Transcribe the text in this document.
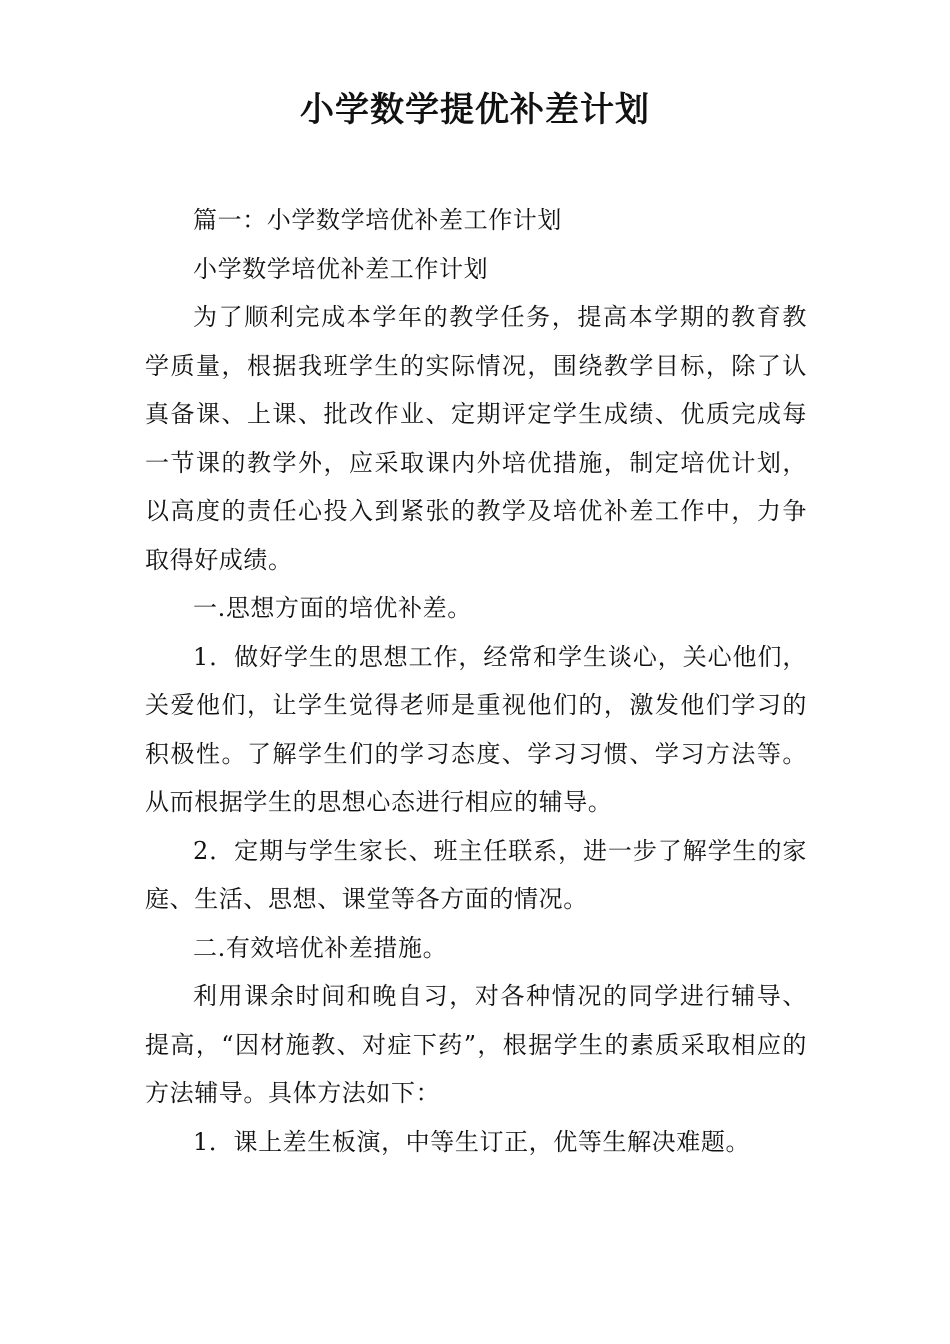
小学数学提优补差计划

篇一：小学数学培优补差工作计划

小学数学培优补差工作计划

为了顺利完成本学年的教学任务，提高本学期的教育教学质量，根据我班学生的实际情况，围绕教学目标，除了认真备课、上课、批改作业、定期评定学生成绩、优质完成每一节课的教学外，应采取课内外培优措施，制定培优计划，以高度的责任心投入到紧张的教学及培优补差工作中，力争取得好成绩。

一.思想方面的培优补差。

1．做好学生的思想工作，经常和学生谈心，关心他们，关爱他们，让学生觉得老师是重视他们的，激发他们学习的积极性。了解学生们的学习态度、学习习惯、学习方法等。从而根据学生的思想心态进行相应的辅导。

2．定期与学生家长、班主任联系，进一步了解学生的家庭、生活、思想、课堂等各方面的情况。

二.有效培优补差措施。

利用课余时间和晚自习，对各种情况的同学进行辅导、提高，“因材施教、对症下药”，根据学生的素质采取相应的方法辅导。具体方法如下：

1．课上差生板演，中等生订正，优等生解决难题。
